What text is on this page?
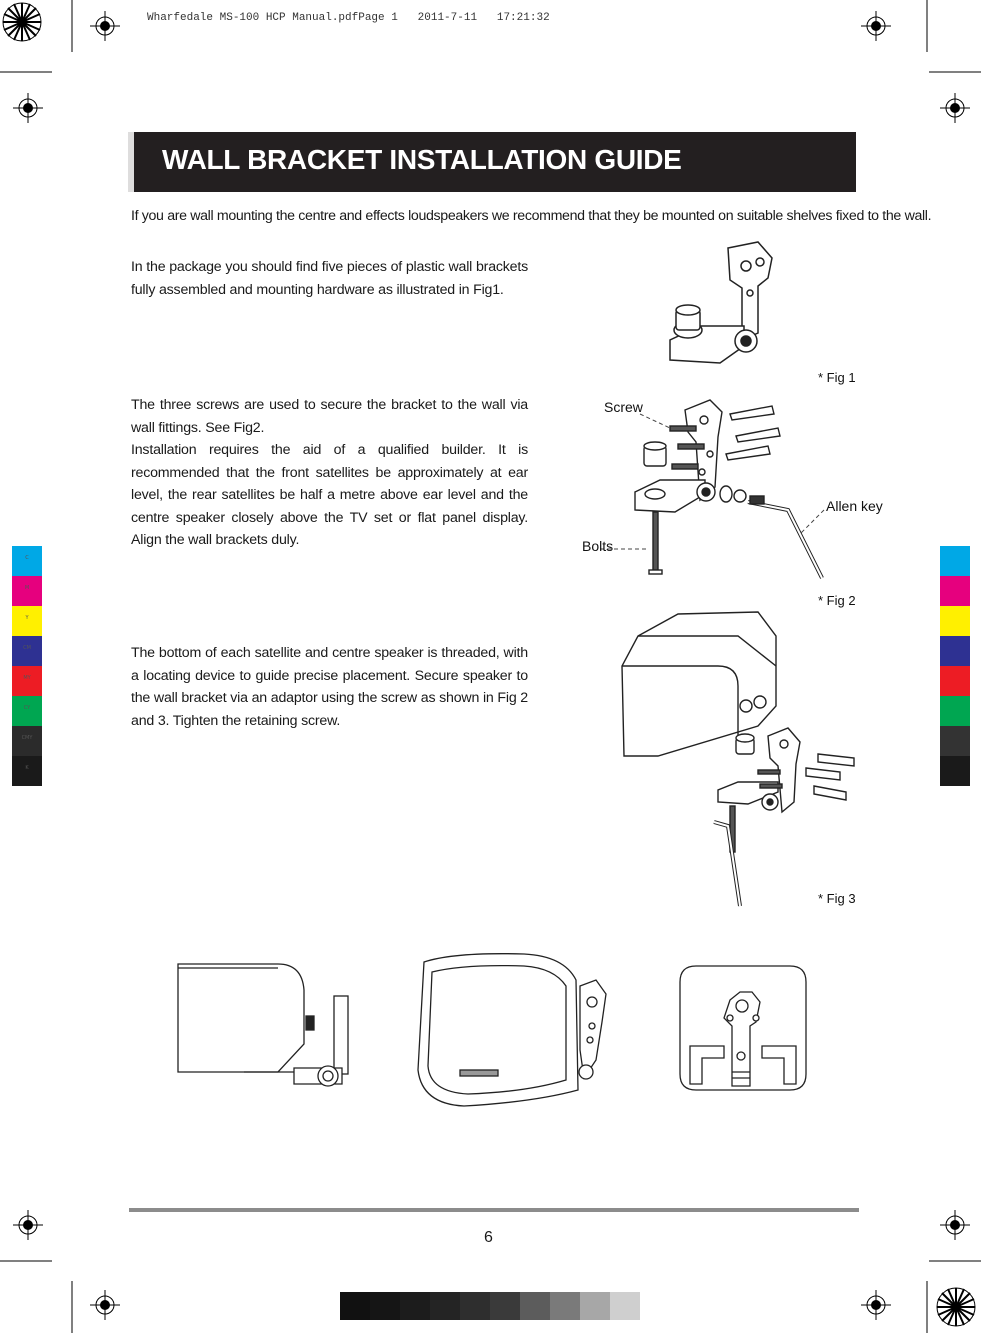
Wharfedale MS-100 HCP Manual.pdfPage 1   2011-7-11   17:21:32
WALL BRACKET INSTALLATION GUIDE
If you are wall mounting the centre and effects loudspeakers we recommend that they be mounted on suitable shelves fixed to the wall.
In the package you should find five pieces of plastic wall brackets fully assembled and mounting hardware as illustrated in Fig1.
The three screws are used to secure the bracket to the wall via wall fittings. See Fig2.
Installation requires the aid of a qualified builder. It is recommended that the front satellites be approximately at ear level, the rear satellites be half a metre above ear level and the centre speaker closely above the TV set or flat panel display. Align the wall brackets duly.
The bottom of each satellite and centre speaker is threaded, with a locating device to guide precise placement. Secure speaker to the wall bracket via an adaptor using the screw as shown in Fig 2 and 3. Tighten the retaining screw.
* Fig 1
Screw
Bolts
Allen key
* Fig 2
* Fig 3
C
M
Y
CM
MY
CY
CMY
K
6
